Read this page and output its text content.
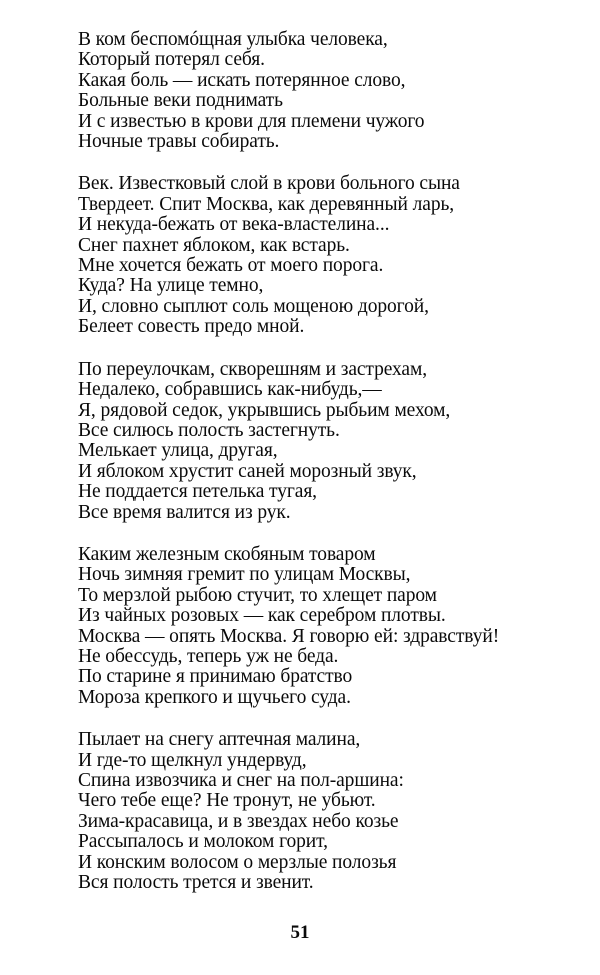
В ком беспомóщная улыбка человека,
Который потерял себя.
Какая боль — искать потерянное слово,
Больные веки поднимать
И с известью в крови для племени чужого
Ночные травы собирать.
Век. Известковый слой в крови больного сына
Твердеет. Спит Москва, как деревянный ларь,
И некуда-бежать от века-властелина...
Снег пахнет яблоком, как встарь.
Мне хочется бежать от моего порога.
Куда? На улице темно,
И, словно сыплют соль мощеною дорогой,
Белеет совесть предо мной.
По переулочкам, скворешням и застрехам,
Недалеко, собравшись как-нибудь,—
Я, рядовой седок, укрывшись рыбьим мехом,
Все силюсь полость застегнуть.
Мелькает улица, другая,
И яблоком хрустит саней морозный звук,
Не поддается петелька тугая,
Все время валится из рук.
Каким железным скобяным товаром
Ночь зимняя гремит по улицам Москвы,
То мерзлой рыбою стучит, то хлещет паром
Из чайных розовых — как серебром плотвы.
Москва — опять Москва. Я говорю ей: здравствуй!
Не обессудь, теперь уж не беда.
По старине я принимаю братство
Мороза крепкого и щучьего суда.
Пылает на снегу аптечная малина,
И где-то щелкнул ундервуд,
Спина извозчика и снег на пол-аршина:
Чего тебе еще? Не тронут, не убьют.
Зима-красавица, и в звездах небо козье
Рассыпалось и молоком горит,
И конским волосом о мерзлые полозья
Вся полость трется и звенит.
51
